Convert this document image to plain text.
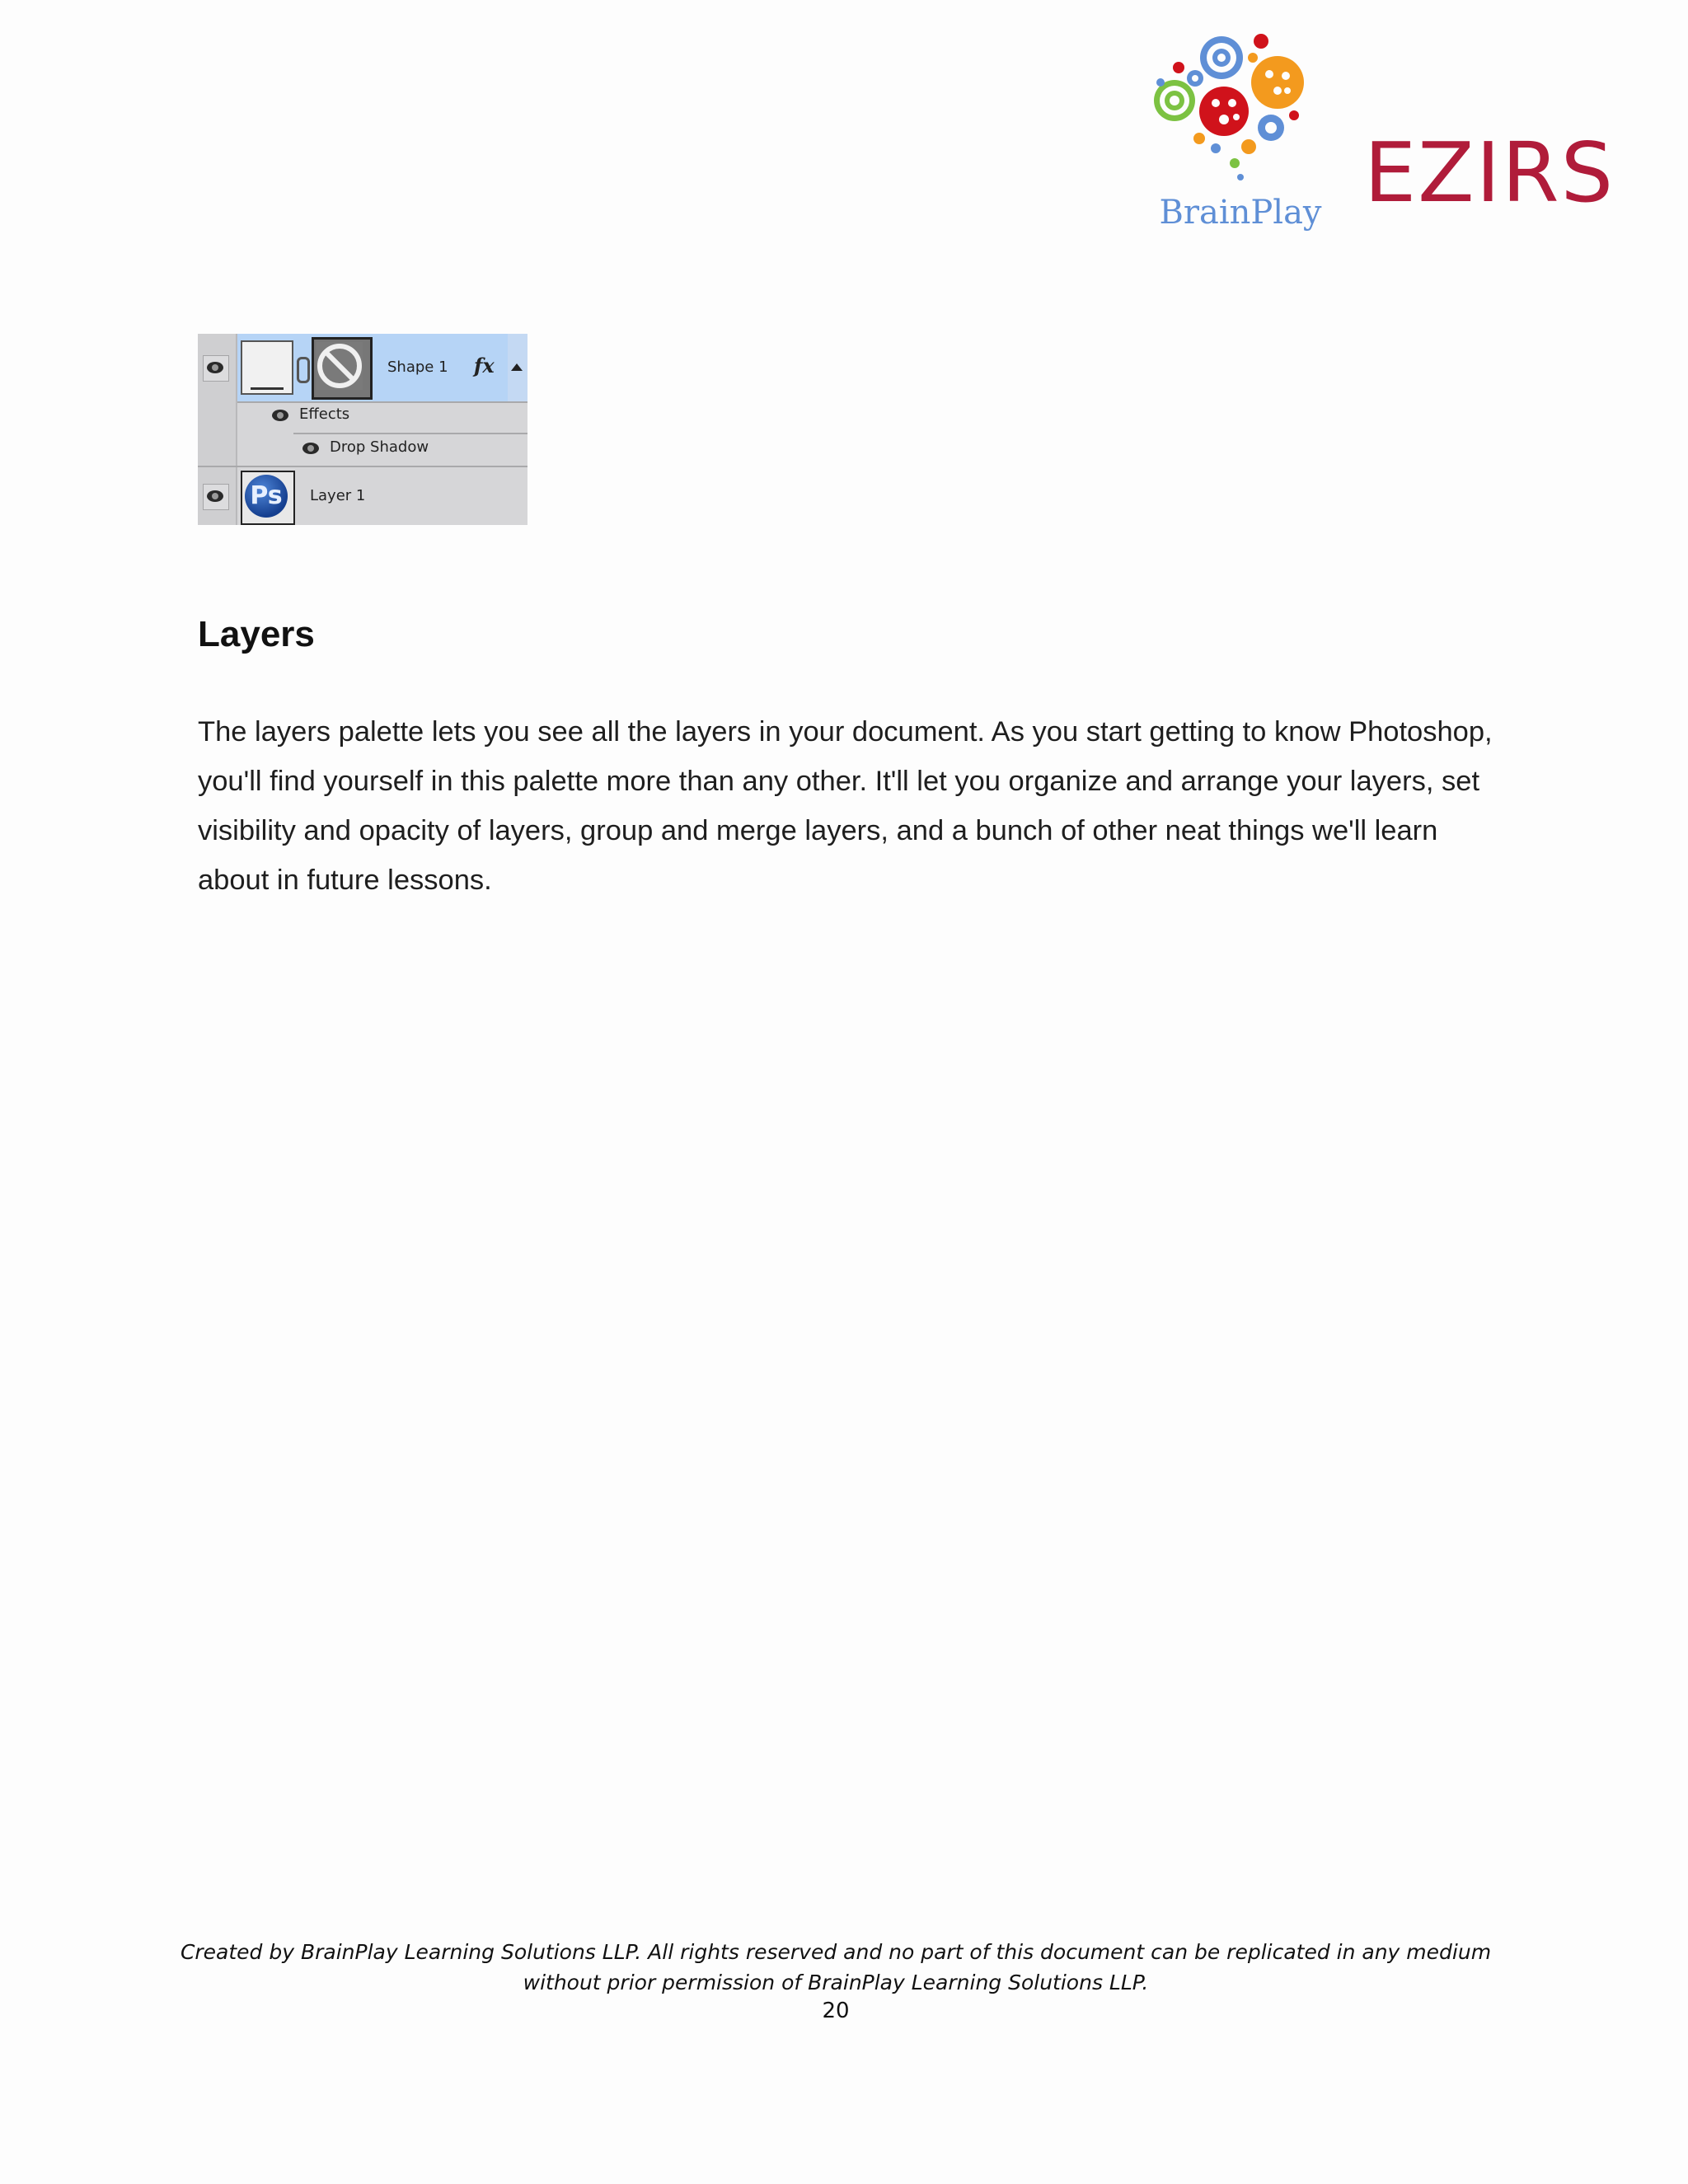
BrainPlay EZIRS
Shape 1 fx
Effects
Drop Shadow
Ps	Layer 1
Layers

The layers palette lets you see all the layers in your document. As you start getting to know Photoshop, you'll find yourself in this palette more than any other. It'll let you organize and arrange your layers, set visibility and opacity of layers, group and merge layers, and a bunch of other neat things we'll learn about in future lessons.

Created by BrainPlay Learning Solutions LLP. All rights reserved and no part of this document can be replicated in any medium
without prior permission of BrainPlay Learning Solutions LLP.
20
